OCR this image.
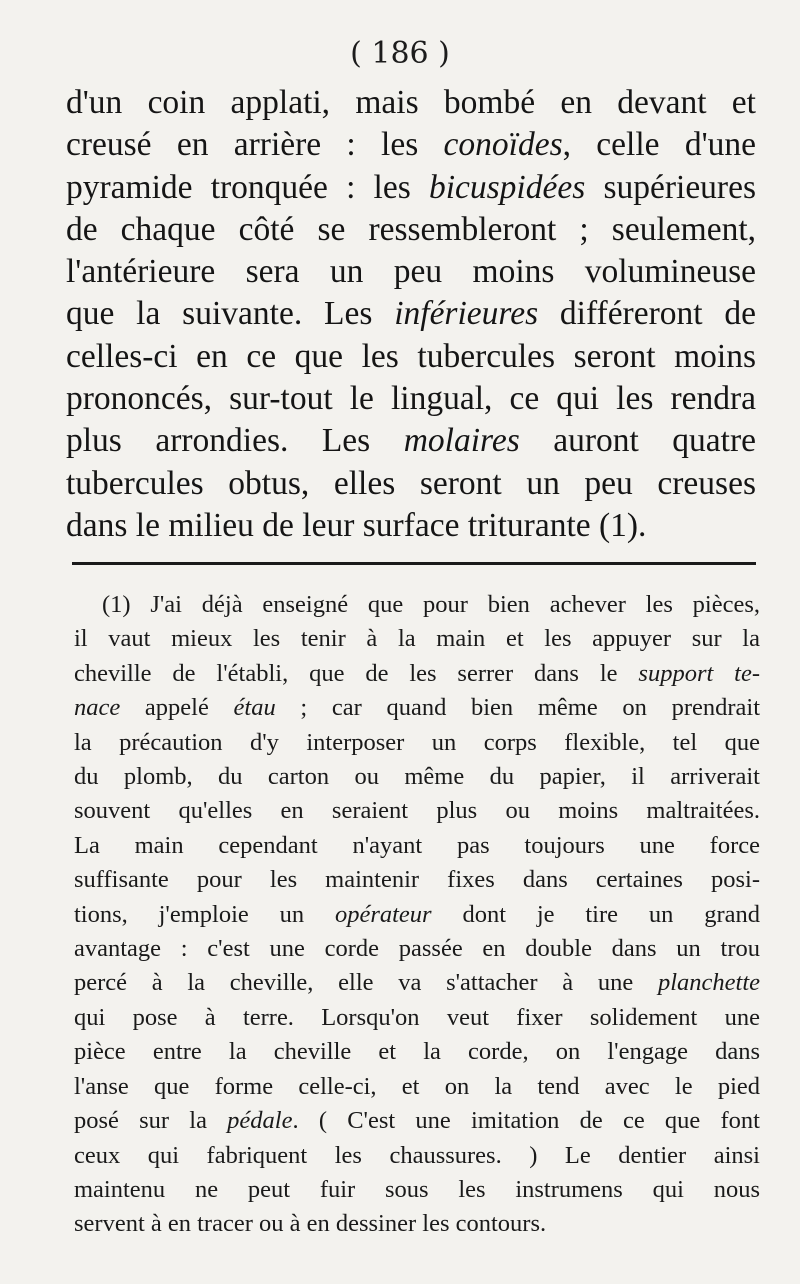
( 186 )
d'un coin applati, mais bombé en devant et
creusé en arrière : les conoïdes, celle d'une
pyramide tronquée : les bicuspidées supérieures
de chaque côté se ressembleront ; seulement,
l'antérieure sera un peu moins volumineuse
que la suivante. Les inférieures différeront de
celles-ci en ce que les tubercules seront moins
prononcés, sur-tout le lingual, ce qui les rendra
plus arrondies. Les molaires auront quatre
tubercules obtus, elles seront un peu creuses
dans le milieu de leur surface triturante (1).
(1) J'ai déjà enseigné que pour bien achever les pièces,
il vaut mieux les tenir à la main et les appuyer sur la
cheville de l'établi, que de les serrer dans le support te-
nace appelé étau ; car quand bien même on prendrait
la précaution d'y interposer un corps flexible, tel que
du plomb, du carton ou même du papier, il arriverait
souvent qu'elles en seraient plus ou moins maltraitées.
La main cependant n'ayant pas toujours une force
suffisante pour les maintenir fixes dans certaines posi-
tions, j'emploie un opérateur dont je tire un grand
avantage : c'est une corde passée en double dans un trou
percé à la cheville, elle va s'attacher à une planchette
qui pose à terre. Lorsqu'on veut fixer solidement une
pièce entre la cheville et la corde, on l'engage dans
l'anse que forme celle-ci, et on la tend avec le pied
posé sur la pédale. ( C'est une imitation de ce que font
ceux qui fabriquent les chaussures. ) Le dentier ainsi
maintenu ne peut fuir sous les instrumens qui nous
servent à en tracer ou à en dessiner les contours.
